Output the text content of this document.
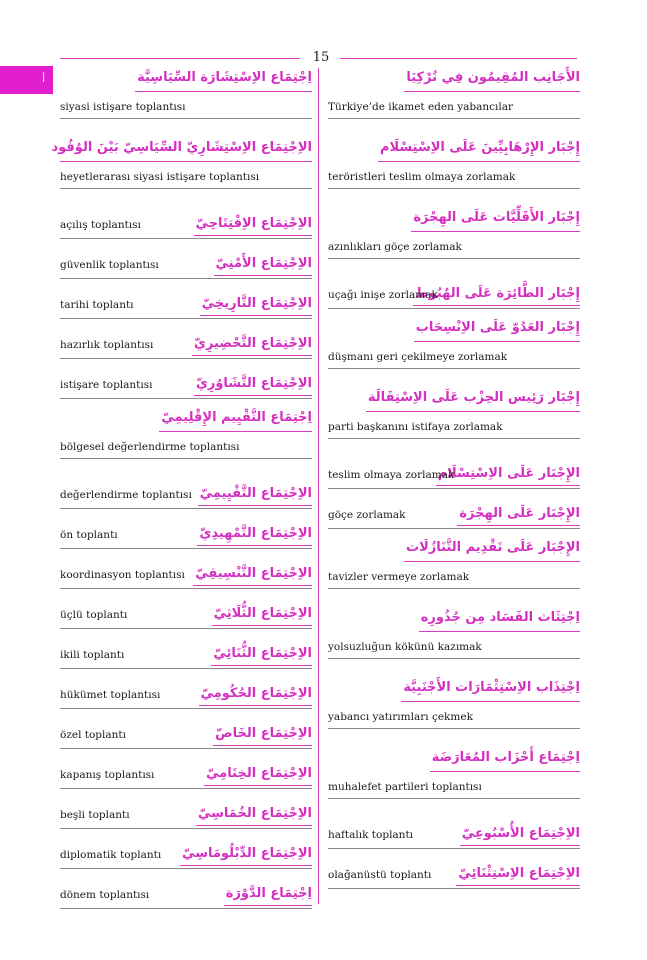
15
أ	اِجْتِمَاع الاِسْتِشَارَة السِّيَاسِيَّة
siyasi istişare toplantısı
الاِجْتِمَاع الاِسْتِشَارِيّ السِّيَاسِيّ بَيْنَ الوُفُود
heyetlerarası siyasi istişare toplantısı
الاِجْتِمَاع الاِفْتِتَاحِيّ
açılış toplantısı
الاِجْتِمَاع الأَمْنِيّ
güvenlik toplantısı
الاِجْتِمَاع التَّارِيخِيّ
tarihi toplantı
الاِجْتِمَاع التَّحْضِيرِيّ
hazırlık toplantısı
الاِجْتِمَاع التَّشَاوُرِيّ
istişare toplantısı
اِجْتِمَاع التَّقْيِيم الإِقْلِيمِيّ
bölgesel değerlendirme toplantısı
الاِجْتِمَاع التَّقْيِيمِيّ
değerlendirme toplantısı
الاِجْتِمَاع التَّمْهِيدِيّ
ön toplantı
الاِجْتِمَاع التَّنْسِيقِيّ
koordinasyon toplantısı
الاِجْتِمَاع الثُّلَاثِيّ
üçlü toplantı
الاِجْتِمَاع الثُّنَائِيّ
ikili toplantı
الاِجْتِمَاع الحُكُومِيّ
hükümet toplantısı
الاِجْتِمَاع الخَاصّ
özel toplantı
الاِجْتِمَاع الخِتَامِيّ
kapanış toplantısı
الاِجْتِمَاع الخُمَاسِيّ
beşli toplantı
الاِجْتِمَاع الدِّبْلُومَاسِيّ
diplomatik toplantı
اِجْتِمَاع الدَّوْرَة
dönem toplantısı
الأَجَانِب المُقِيمُون فِي تُرْكِيَا
Türkiye’de ikamet eden yabancılar
إِجْبَار الإِرْهَابِيِّينَ عَلَى الاِسْتِسْلَام
teröristleri teslim olmaya zorlamak
إِجْبَار الأَقَلِّيَّات عَلَى الهِجْرَة
azınlıkları göçe zorlamak
إِجْبَار الطَّائِرَة عَلَى الهُبُوط
uçağı inişe zorlamak
إِجْبَار العَدُوّ عَلَى الاِنْسِحَاب
düşmanı geri çekilmeye zorlamak
إِجْبَار رَئِيس الحِزْب عَلَى الاِسْتِقَالَة
parti başkanını istifaya zorlamak
الإِجْبَار عَلَى الاِسْتِسْلَام
teslim olmaya zorlamak
الإِجْبَار عَلَى الهِجْرَة
göçe zorlamak
الإِجْبَار عَلَى تَقْدِيم التَّنَازُلَات
tavizler vermeye zorlamak
اِجْتِثَاث الفَسَاد مِن جُذُورِه
yolsuzluğun kökünü kazımak
اِجْتِذَاب الاِسْتِثْمَارَات الأَجْنَبِيَّة
yabancı yatırımları çekmek
اِجْتِمَاع أَحْزَاب المُعَارَضَة
muhalefet partileri toplantısı
الاِجْتِمَاع الأُسْبُوعِيّ
haftalık toplantı
الاِجْتِمَاع الاِسْتِثْنَائِيّ
olağanüstü toplantı
